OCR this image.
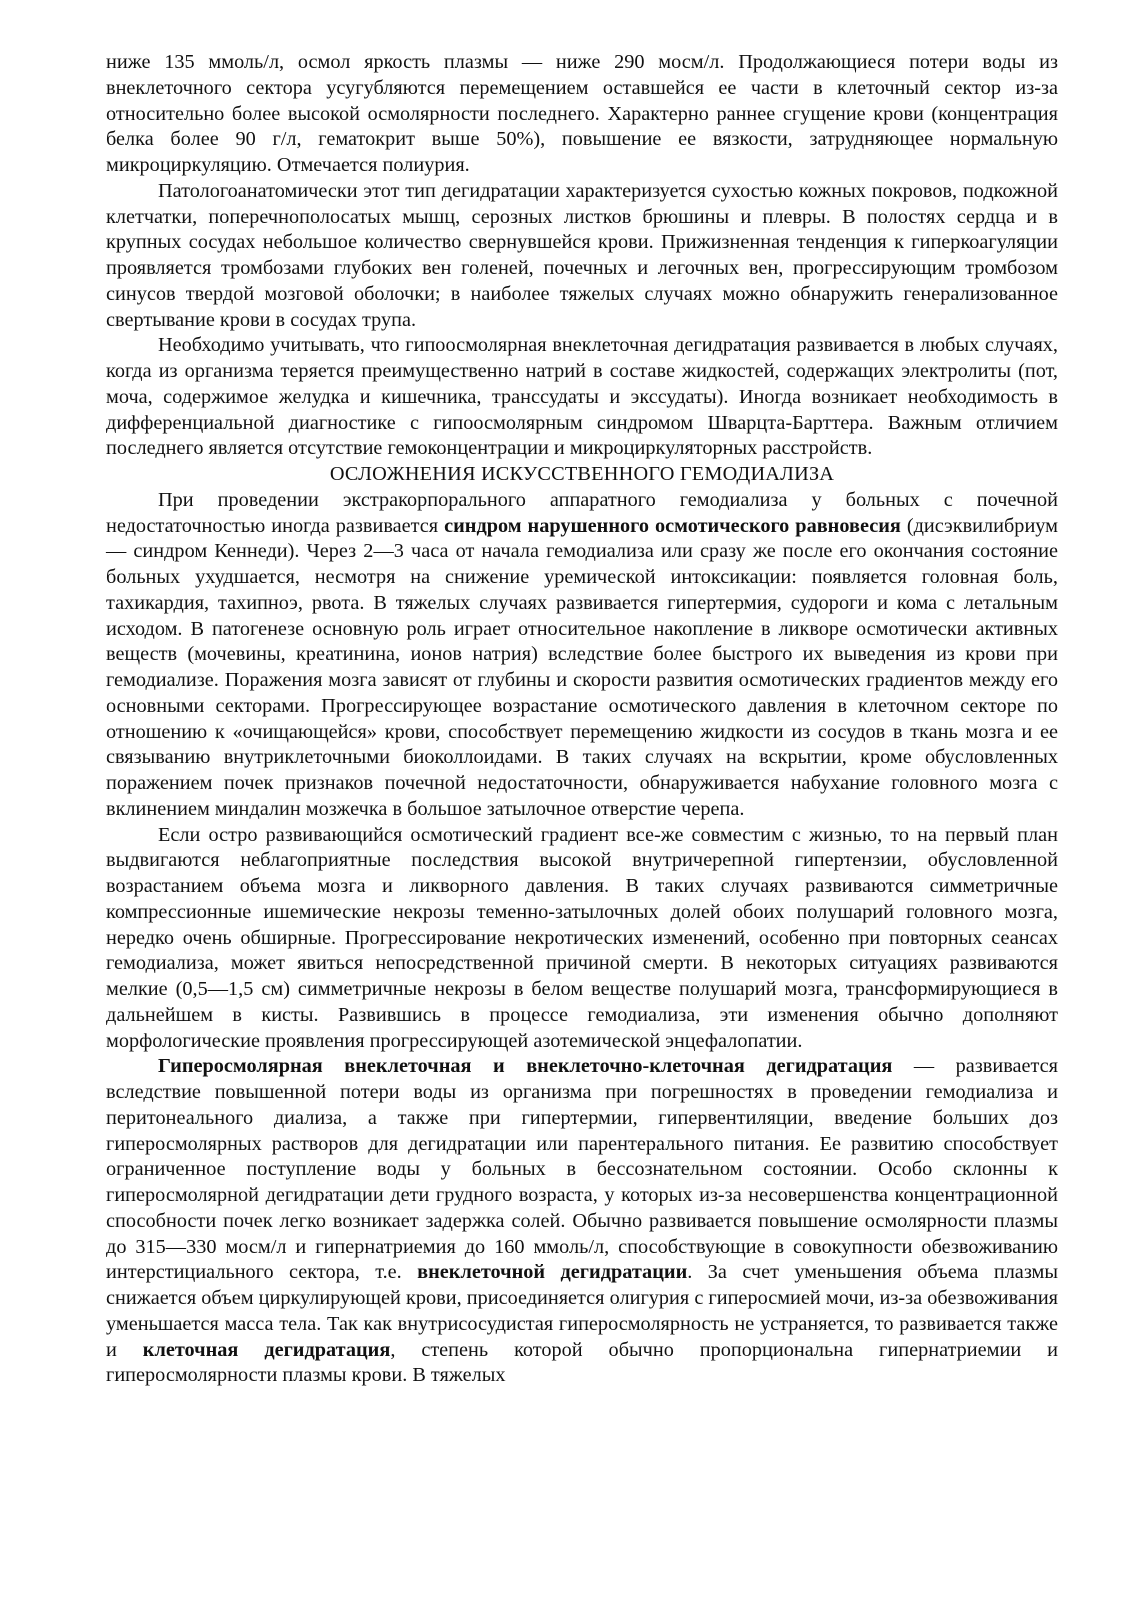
ниже 135 ммоль/л, осмол яркость плазмы — ниже 290 мосм/л. Продолжающиеся потери воды из внеклеточного сектора усугубляются перемещением оставшейся ее части в клеточный сектор из-за относительно более высокой осмолярности последнего. Характерно раннее сгущение крови (концентрация белка более 90 г/л, гематокрит выше 50%), повышение ее вязкости, затрудняющее нормальную микроциркуляцию. Отмечается полиурия.

Патологоанатомически этот тип дегидратации характеризуется сухостью кожных покровов, подкожной клетчатки, поперечнополосатых мышц, серозных листков брюшины и плевры. В полостях сердца и в крупных сосудах небольшое количество свернувшейся крови. Прижизненная тенденция к гиперкоагуляции проявляется тромбозами глубоких вен голеней, почечных и легочных вен, прогрессирующим тромбозом синусов твердой мозговой оболочки; в наиболее тяжелых случаях можно обнаружить генерализованное свертывание крови в сосудах трупа.

Необходимо учитывать, что гипоосмолярная внеклеточная дегидратация развивается в любых случаях, когда из организма теряется преимущественно натрий в составе жидкостей, содержащих электролиты (пот, моча, содержимое желудка и кишечника, транссудаты и экссудаты). Иногда возникает необходимость в дифференциальной диагностике с гипоосмолярным синдромом Шварцта-Барттера. Важным отличием последнего является отсутствие гемоконцентрации и микроциркуляторных расстройств.

ОСЛОЖНЕНИЯ ИСКУССТВЕННОГО ГЕМОДИАЛИЗА

При проведении экстракорпорального аппаратного гемодиализа у больных с почечной недостаточностью иногда развивается синдром нарушенного осмотического равновесия (дисэквилибриум — синдром Кеннеди). Через 2—3 часа от начала гемодиализа или сразу же после его окончания состояние больных ухудшается, несмотря на снижение уремической интоксикации: появляется головная боль, тахикардия, тахипноэ, рвота. В тяжелых случаях развивается гипертермия, судороги и кома с летальным исходом. В патогенезе основную роль играет относительное накопление в ликворе осмотически активных веществ (мочевины, креатинина, ионов натрия) вследствие более быстрого их выведения из крови при гемодиализе. Поражения мозга зависят от глубины и скорости развития осмотических градиентов между его основными секторами. Прогрессирующее возрастание осмотического давления в клеточном секторе по отношению к «очищающейся» крови, способствует перемещению жидкости из сосудов в ткань мозга и ее связыванию внутриклеточными биоколлоидами. В таких случаях на вскрытии, кроме обусловленных поражением почек признаков почечной недостаточности, обнаруживается набухание головного мозга с вклинением миндалин мозжечка в большое затылочное отверстие черепа.

Если остро развивающийся осмотический градиент все-же совместим с жизнью, то на первый план выдвигаются неблагоприятные последствия высокой внутричерепной гипертензии, обусловленной возрастанием объема мозга и ликворного давления. В таких случаях развиваются симметричные компрессионные ишемические некрозы теменно-затылочных долей обоих полушарий головного мозга, нередко очень обширные. Прогрессирование некротических изменений, особенно при повторных сеансах гемодиализа, может явиться непосредственной причиной смерти. В некоторых ситуациях развиваются мелкие (0,5—1,5 см) симметричные некрозы в белом веществе полушарий мозга, трансформирующиеся в дальнейшем в кисты. Развившись в процессе гемодиализа, эти изменения обычно дополняют морфологические проявления прогрессирующей азотемической энцефалопатии.

Гиперосмолярная внеклеточная и внеклеточно-клеточная дегидратация — развивается вследствие повышенной потери воды из организма при погрешностях в проведении гемодиализа и перитонеального диализа, а также при гипертермии, гипервентиляции, введение больших доз гиперосмолярных растворов для дегидратации или парентерального питания. Ее развитию способствует ограниченное поступление воды у больных в бессознательном состоянии. Особо склонны к гиперосмолярной дегидратации дети грудного возраста, у которых из-за несовершенства концентрационной способности почек легко возникает задержка солей. Обычно развивается повышение осмолярности плазмы до 315—330 мосм/л и гипернатриемия до 160 ммоль/л, способствующие в совокупности обезвоживанию интерстициального сектора, т.е. внеклеточной дегидратации. За счет уменьшения объема плазмы снижается объем циркулирующей крови, присоединяется олигурия с гиперосмией мочи, из-за обезвоживания уменьшается масса тела. Так как внутрисосудистая гиперосмолярность не устраняется, то развивается также и клеточная дегидратация, степень которой обычно пропорциональна гипернатриемии и гиперосмолярности плазмы крови. В тяжелых
